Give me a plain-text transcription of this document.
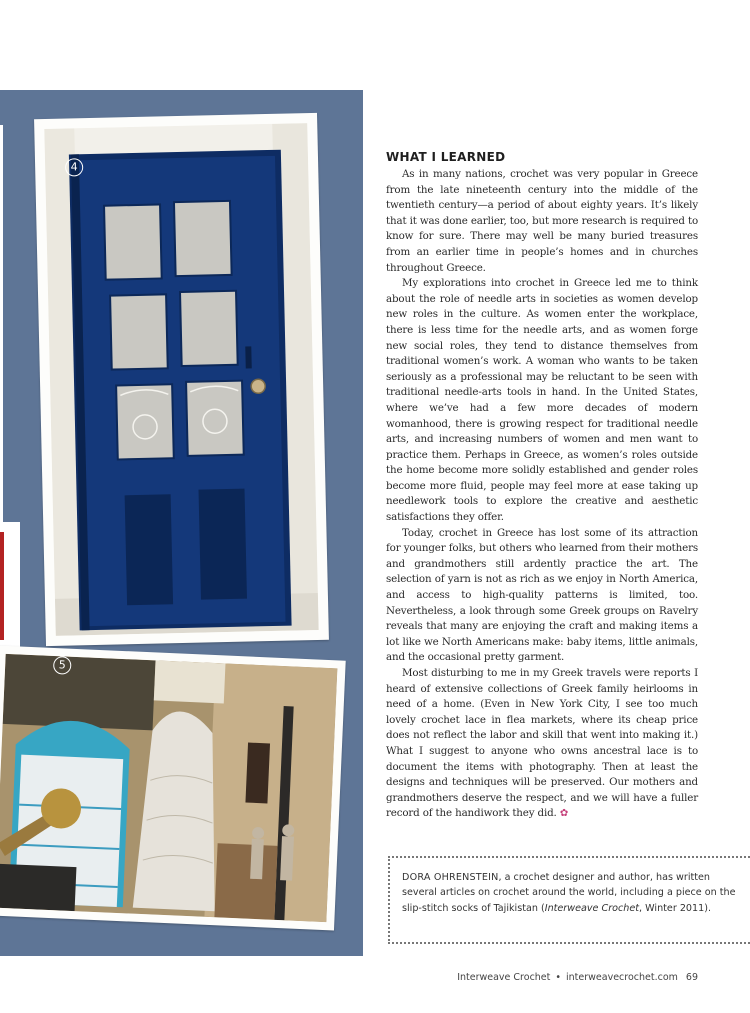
4
5
WHAT I LEARNED

As in many nations, crochet was very popular in Greece from the late nineteenth century into the middle of the twentieth century—a period of about eighty years. It’s likely that it was done earlier, too, but more research is required to know for sure. There may well be many buried treasures from an earlier time in people’s homes and in churches throughout Greece.

My explorations into crochet in Greece led me to think about the role of needle arts in societies as women develop new roles in the culture. As women enter the workplace, there is less time for the needle arts, and as women forge new social roles, they tend to distance themselves from traditional women’s work. A woman who wants to be taken seriously as a professional may be reluctant to be seen with traditional needle-arts tools in hand. In the United States, where we’ve had a few more decades of modern womanhood, there is growing respect for traditional needle arts, and increasing numbers of women and men want to practice them. Perhaps in Greece, as women’s roles outside the home become more solidly established and gender roles become more fluid, people may feel more at ease taking up needlework tools to explore the creative and aesthetic satisfactions they offer.

Today, crochet in Greece has lost some of its attraction for younger folks, but others who learned from their mothers and grandmothers still ardently practice the art. The selection of yarn is not as rich as we enjoy in North America, and access to high-quality patterns is limited, too. Nevertheless, a look through some Greek groups on Ravelry reveals that many are enjoying the craft and making items a lot like we North Americans make: baby items, little animals, and the occasional pretty garment.

Most disturbing to me in my Greek travels were reports I heard of extensive collections of Greek family heirlooms in need of a home. (Even in New York City, I see too much lovely crochet lace in flea markets, where its cheap price does not reflect the labor and skill that went into making it.) What I suggest to anyone who owns ancestral lace is to document the items with photography. Then at least the designs and techniques will be preserved. Our mothers and grandmothers deserve the respect, and we will have a fuller record of the handiwork they did. ✿

DORA OHRENSTEIN, a crochet designer and author, has written several articles on crochet around the world, including a piece on the slip-stitch socks of Tajikistan (Interweave Crochet, Winter 2011).
Interweave Crochet • interweavecrochet.com 69
